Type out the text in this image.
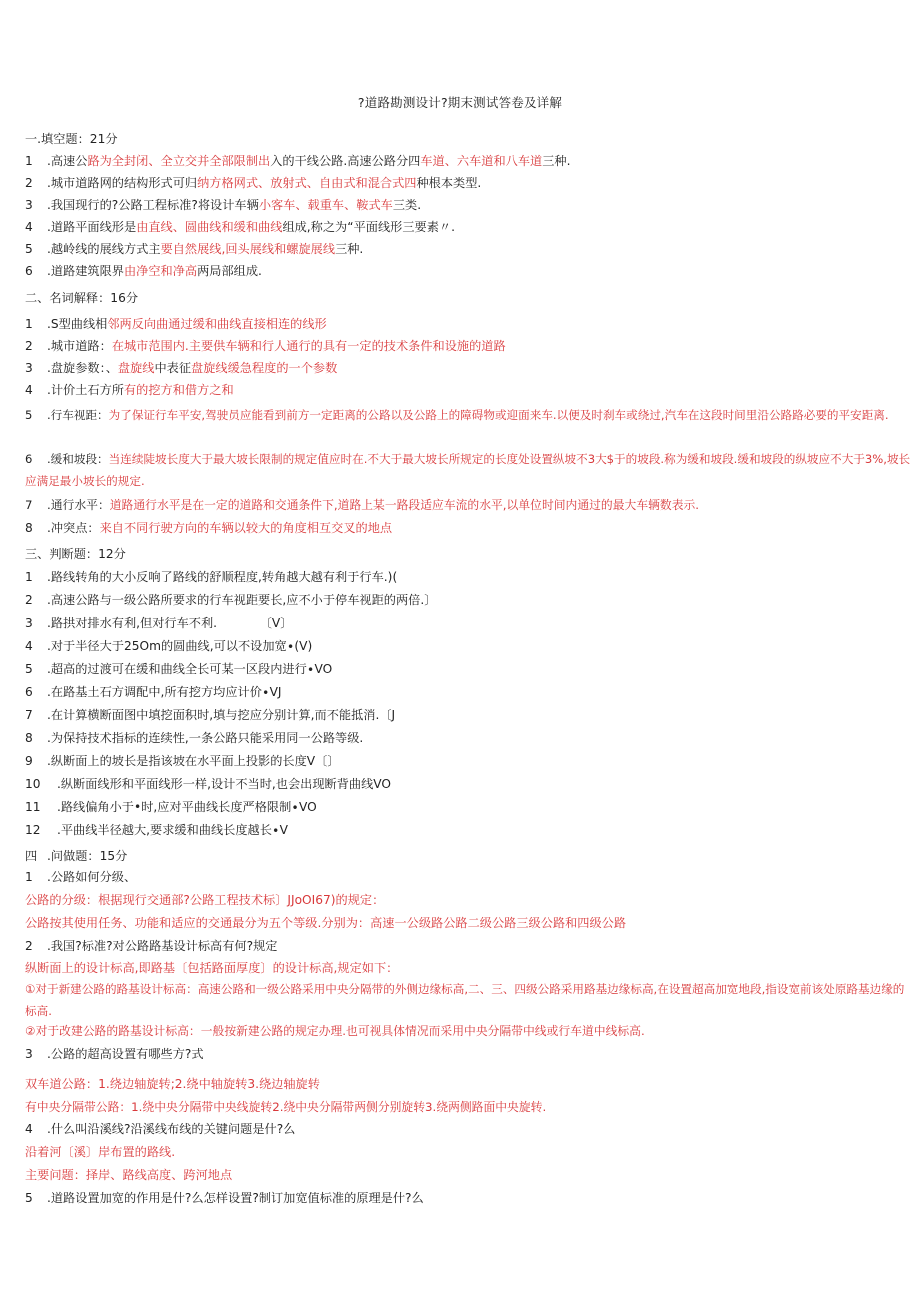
?道路勘测设计?期末测试答卷及详解
一.填空题：21分
1 .高速公路为全封闭、全立交并全部限制出入的干线公路.高速公路分四车道、六车道和八车道三种.
2 .城市道路网的结构形式可归纳方格网式、放射式、自由式和混合式四种根本类型.
3 .我国现行的?公路工程标准?将设计车辆小客车、载重车、鞍式车三类.
4 .道路平面线形是由直线、圆曲线和缓和曲线组成,称之为“平面线形三要素〃.
5 .越岭线的展线方式主要自然展线,回头展线和螺旋展线三种.
6 .道路建筑限界由净空和净高两局部组成.
二、名词解释：16分
1 .S型曲线相邻两反向曲通过缓和曲线直接相连的线形
2 .城市道路：在城市范围内.主要供车辆和行人通行的具有一定的技术条件和设施的道路
3 .盘旋参数：、盘旋线中表征盘旋线缓急程度的一个参数
4 .计价土石方所有的挖方和借方之和
5 .行车视距：为了保证行车平安,驾驶员应能看到前方一定距离的公路以及公路上的障碍物或迎面来车.以便及时刹车或绕过,汽车在这段时间里沿公路路必要的平安距离.
6 .缓和坡段：当连续陡坡长度大于最大坡长限制的规定值应时在.不大于最大坡长所规定的长度处设置纵坡不3大$于的坡段.称为缓和坡段.缓和坡段的纵坡应不大于3%,坡长应满足最小坡长的规定.
7 .通行水平：道路通行水平是在一定的道路和交通条件下,道路上某一路段适应车流的水平,以单位时间内通过的最大车辆数表示.
8 .冲突点：来自不同行驶方向的车辆以较大的角度相互交叉的地点
三、判断题：12分
1 .路线转角的大小反响了路线的舒顺程度,转角越大越有利于行车.)(
2 .高速公路与一级公路所要求的行车视距要长,应不小于停车视距的两倍.〕
3 .路拱对排水有利,但对行车不利.　　　　〔V〕
4 .对于半径大于25Om的圆曲线,可以不设加宽∙(V)
5 .超高的过渡可在缓和曲线全长可某一区段内进行∙VO
6 .在路基土石方调配中,所有挖方均应计价∙VJ
7 .在计算横断面图中填挖面积时,填与挖应分别计算,而不能抵消.〔J
8 .为保持技术指标的连续性,一条公路只能采用同一公路等级.
9 .纵断面上的坡长是指该坡在水平面上投影的长度V〔〕
10 .纵断面线形和平面线形一样,设计不当时,也会出现断背曲线VO
11 .路线偏角小于•时,应对平曲线长度严格限制∙VO
12 .平曲线半径越大,要求缓和曲线长度越长∙V
四 .问做题：15分
1 .公路如何分级、
公路的分级：根据现行交通部?公路工程技术标〕JJoOI67)的规定：
公路按其使用任务、功能和适应的交通最分为五个等级.分别为：高速一公级路公路二级公路三级公路和四级公路
2 .我国?标准?对公路路基设计标高有何?规定
纵断面上的设计标高,即路基〔包括路面厚度〕的设计标高,规定如下：
①对于新建公路的路基设计标高：高速公路和一级公路采用中央分隔带的外侧边缘标高,二、三、四级公路采用路基边缘标高,在设置超高加宽地段,指设宽前该处原路基边缘的标高.
②对于改建公路的路基设计标高：一般按新建公路的规定办理.也可视具体情况而采用中央分隔带中线或行车道中线标高.
3 .公路的超高设置有哪些方?式
双车道公路：1.绕边轴旋转;2.绕中轴旋转3.绕边轴旋转
有中央分隔带公路：1.绕中央分隔带中央线旋转2.绕中央分隔带两侧分别旋转3.绕两侧路面中央旋转.
4 .什么叫沿溪线?沿溪线布线的关键问题是什?么
沿着河〔溪〕岸布置的路线.
主要问题：择岸、路线高度、跨河地点
5 .道路设置加宽的作用是什?么怎样设置?制订加宽值标准的原理是什?么
